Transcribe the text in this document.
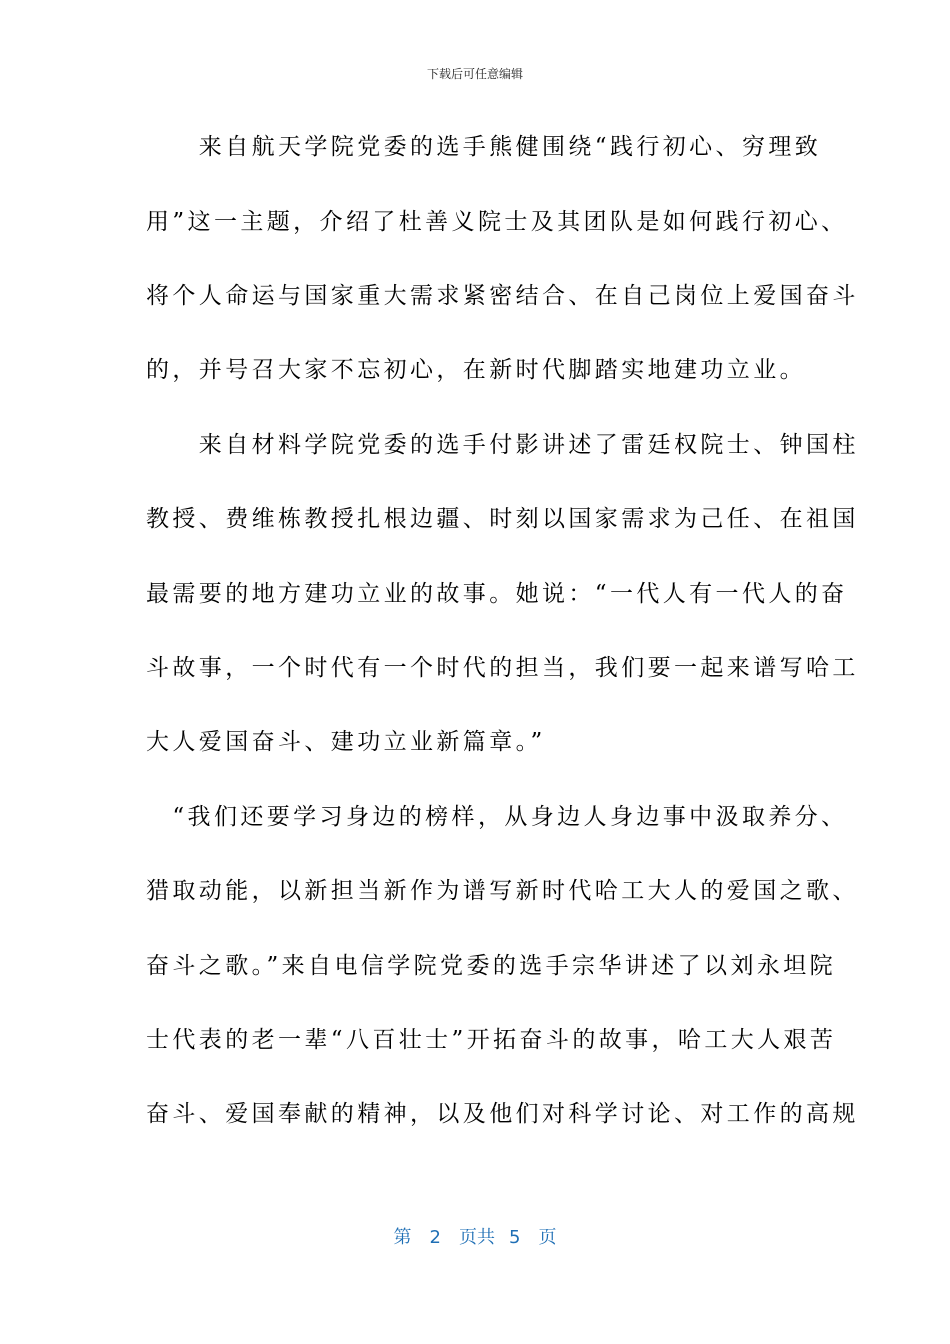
下载后可任意编辑
　　来自航天学院党委的选手熊健围绕“践行初心、穷理致
用”这一主题，介绍了杜善义院士及其团队是如何践行初心、
将个人命运与国家重大需求紧密结合、在自己岗位上爱国奋斗
的，并号召大家不忘初心，在新时代脚踏实地建功立业。
　　来自材料学院党委的选手付影讲述了雷廷权院士、钟国柱
教授、费维栋教授扎根边疆、时刻以国家需求为己任、在祖国
最需要的地方建功立业的故事。她说：“一代人有一代人的奋
斗故事，一个时代有一个时代的担当，我们要一起来谱写哈工
大人爱国奋斗、建功立业新篇章。”
　“我们还要学习身边的榜样，从身边人身边事中汲取养分、
猎取动能，以新担当新作为谱写新时代哈工大人的爱国之歌、
奋斗之歌。”来自电信学院党委的选手宗华讲述了以刘永坦院
士代表的老一辈“八百壮士”开拓奋斗的故事，哈工大人艰苦
奋斗、爱国奉献的精神，以及他们对科学讨论、对工作的高规
第 2 页共 5 页
